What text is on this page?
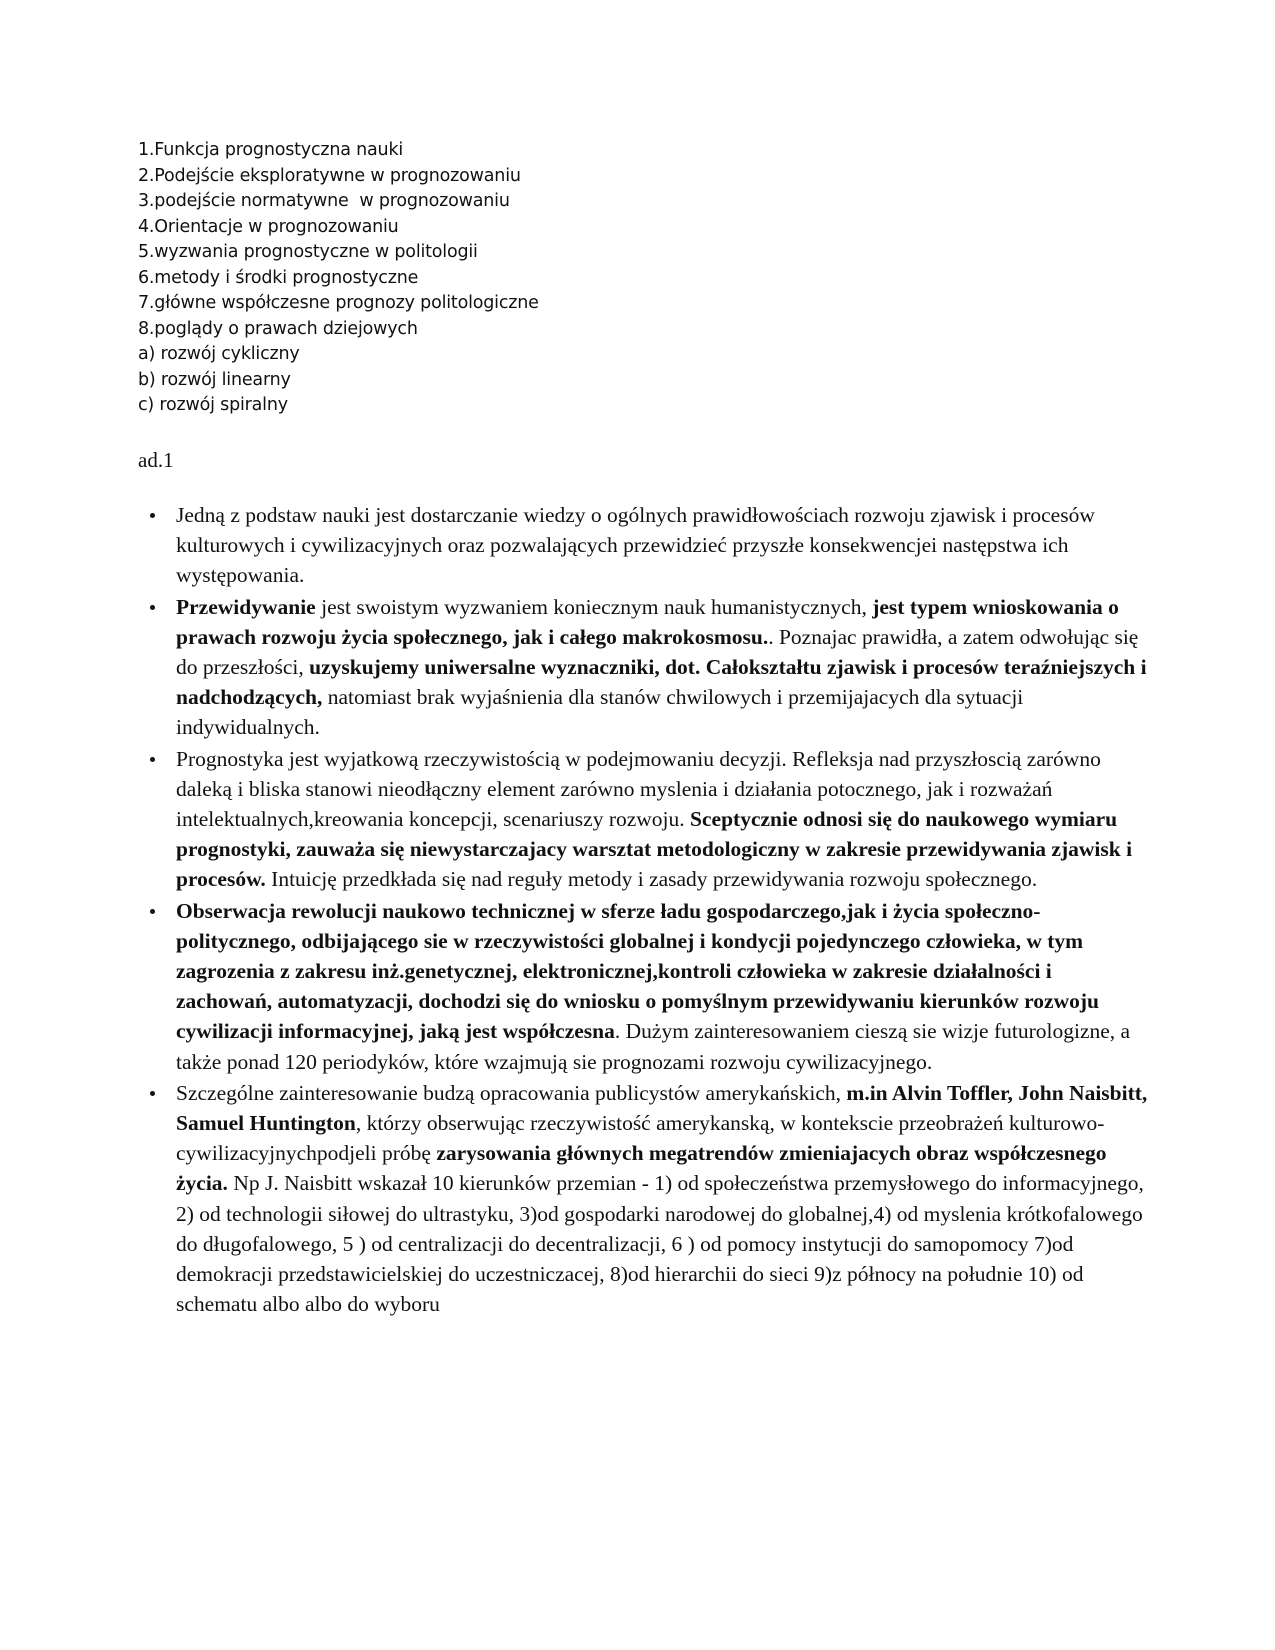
1.Funkcja prognostyczna nauki
2.Podejście eksploratywne w prognozowaniu
3.podejście normatywne  w prognozowaniu
4.Orientacje w prognozowaniu
5.wyzwania prognostyczne w politologii
6.metody i środki prognostyczne
7.główne współczesne prognozy politologiczne
8.poglądy o prawach dziejowych
a) rozwój cykliczny
b) rozwój linearny
c) rozwój spiralny
ad.1
Jedną z podstaw nauki jest dostarczanie wiedzy o ogólnych prawidłowościach rozwoju zjawisk i procesów kulturowych i cywilizacyjnych oraz pozwalających przewidzieć przyszłe konsekwencjei następstwa ich występowania.
Przewidywanie jest swoistym wyzwaniem koniecznym nauk humanistycznych, jest typem wnioskowania o prawach rozwoju życia społecznego, jak i całego makrokosmosu.. Poznajac prawidła, a zatem odwołując się do przeszłości, uzyskujemy uniwersalne wyznaczniki, dot. Całokształtu zjawisk i procesów teraźniejszych i nadchodzących, natomiast brak wyjaśnienia dla stanów chwilowych i przemijajacych dla sytuacji indywidualnych.
Prognostyka jest wyjatkową rzeczywistością w podejmowaniu decyzji. Refleksja nad przyszłoscią zarówno daleką i bliska stanowi nieodłączny element zarówno myslenia i działania potocznego, jak i rozważań intelektualnych,kreowania koncepcji, scenariuszy rozwoju. Sceptycznie odnosi się do naukowego wymiaru prognostyki, zauważa się niewystarczajacy warsztat metodologiczny w zakresie przewidywania zjawisk i procesów. Intuicję przedkłada się nad reguły metody i zasady przewidywania rozwoju społecznego.
Obserwacja rewolucji naukowo technicznej w sferze ładu gospodarczego,jak i życia społeczno-politycznego, odbijającego sie w rzeczywistości globalnej i kondycji pojedynczego człowieka, w tym zagrozenia z zakresu inż.genetycznej, elektronicznej,kontroli człowieka w zakresie działalności i zachowań, automatyzacji, dochodzi się do wniosku o pomyślnym przewidywaniu kierunków rozwoju cywilizacji informacyjnej, jaką jest współczesna. Dużym zainteresowaniem cieszą sie wizje futurologizne, a także ponad 120 periodyków, które wzajmują sie prognozami rozwoju cywilizacyjnego.
Szczególne zainteresowanie budzą opracowania publicystów amerykańskich, m.in Alvin Toffler, John Naisbitt, Samuel Huntington, którzy obserwując rzeczywistość amerykanską, w kontekscie przeobrażeń kulturowo-cywilizacyjnychpodjeli próbę zarysowania głównych megatrendów zmieniajacych obraz współczesnego życia. Np J. Naisbitt wskazał 10 kierunków przemian - 1) od społeczeństwa przemysłowego do informacyjnego, 2) od technologii siłowej do ultrastyku, 3)od gospodarki narodowej do globalnej,4) od myslenia krótkofalowego do długofalowego, 5 ) od centralizacji do decentralizacji, 6 ) od pomocy instytucji do samopomocy 7)od demokracji przedstawicielskiej do uczestniczacej, 8)od hierarchii do sieci 9)z północy na południe 10) od schematu albo albo do wyboru
